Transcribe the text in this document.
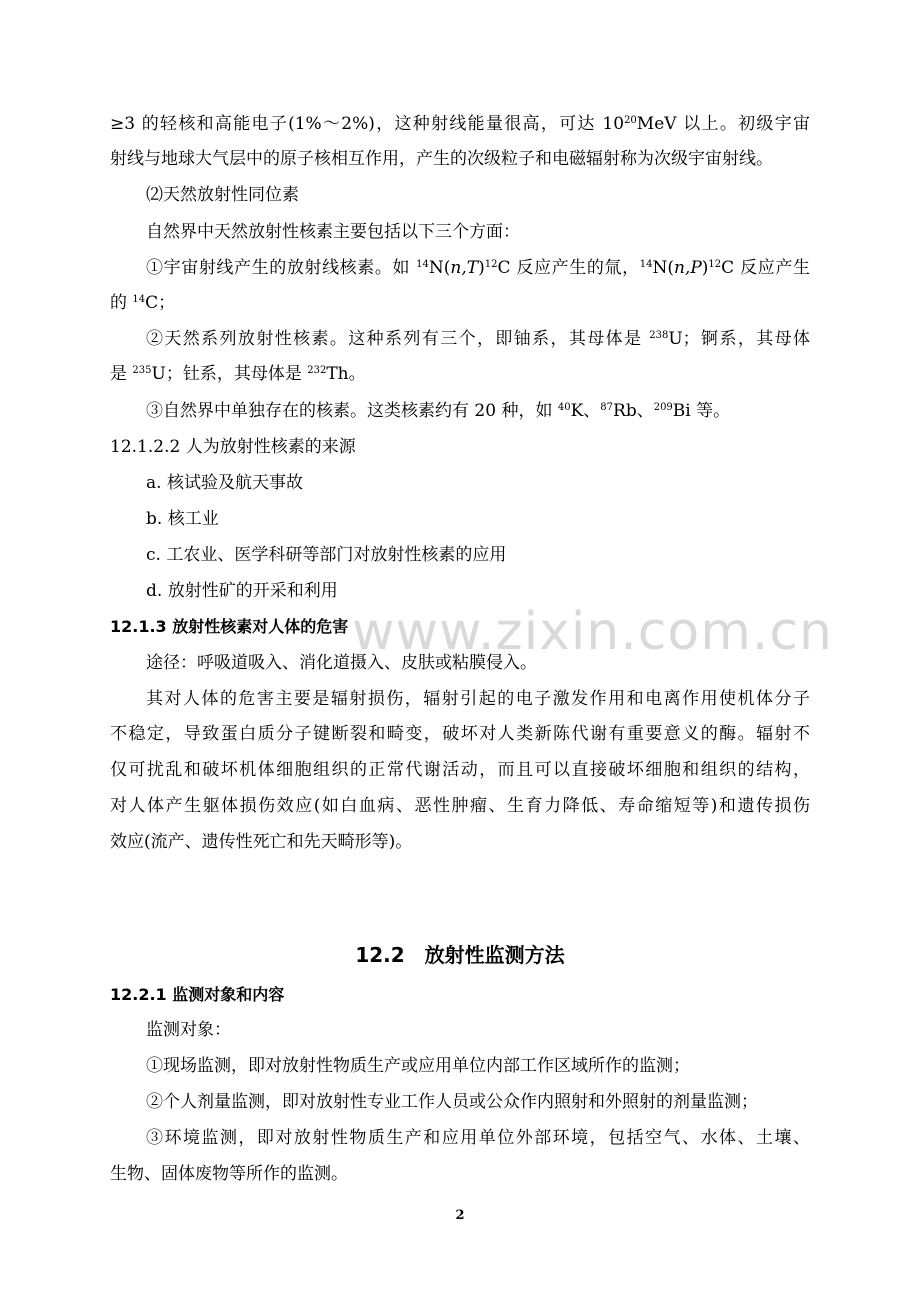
≥3 的轻核和高能电子(1%～2%)，这种射线能量很高，可达 $10^{20}MeV$ 以上。初级宇宙
射线与地球大气层中的原子核相互作用，产生的次级粒子和电磁辐射称为次级宇宙射线。
⑵天然放射性同位素
自然界中天然放射性核素主要包括以下三个方面：
①宇宙射线产生的放射线核素。如 $^{14}N(n,T)^{12}C$ 反应产生的氚，$^{14}N(n,P)^{12}C$ 反应产生
的 $^{14}$C；
②天然系列放射性核素。这种系列有三个，即铀系，其母体是 $^{238}$U；锕系，其母体
是 $^{235}$U；钍系，其母体是 $^{232}$Th。
③自然界中单独存在的核素。这类核素约有 20 种，如 $^{40}$K、$^{87}$Rb、$^{209}$Bi 等。
12.1.2.2 人为放射性核素的来源
a. 核试验及航天事故
b. 核工业
c. 工农业、医学科研等部门对放射性核素的应用
d. 放射性矿的开采和利用
12.1.3 放射性核素对人体的危害
途径：呼吸道吸入、消化道摄入、皮肤或粘膜侵入。
其对人体的危害主要是辐射损伤，辐射引起的电子激发作用和电离作用使机体分子
不稳定，导致蛋白质分子键断裂和畸变，破坏对人类新陈代谢有重要意义的酶。辐射不
仅可扰乱和破坏机体细胞组织的正常代谢活动，而且可以直接破坏细胞和组织的结构，
对人体产生躯体损伤效应(如白血病、恶性肿瘤、生育力降低、寿命缩短等)和遗传损伤
效应(流产、遗传性死亡和先天畸形等)。
12.2 放射性监测方法
12.2.1 监测对象和内容
监测对象：
①现场监测，即对放射性物质生产或应用单位内部工作区域所作的监测；
②个人剂量监测，即对放射性专业工作人员或公众作内照射和外照射的剂量监测；
③环境监测，即对放射性物质生产和应用单位外部环境，包括空气、水体、土壤、
生物、固体废物等所作的监测。
2
www.zixin.com.cn
